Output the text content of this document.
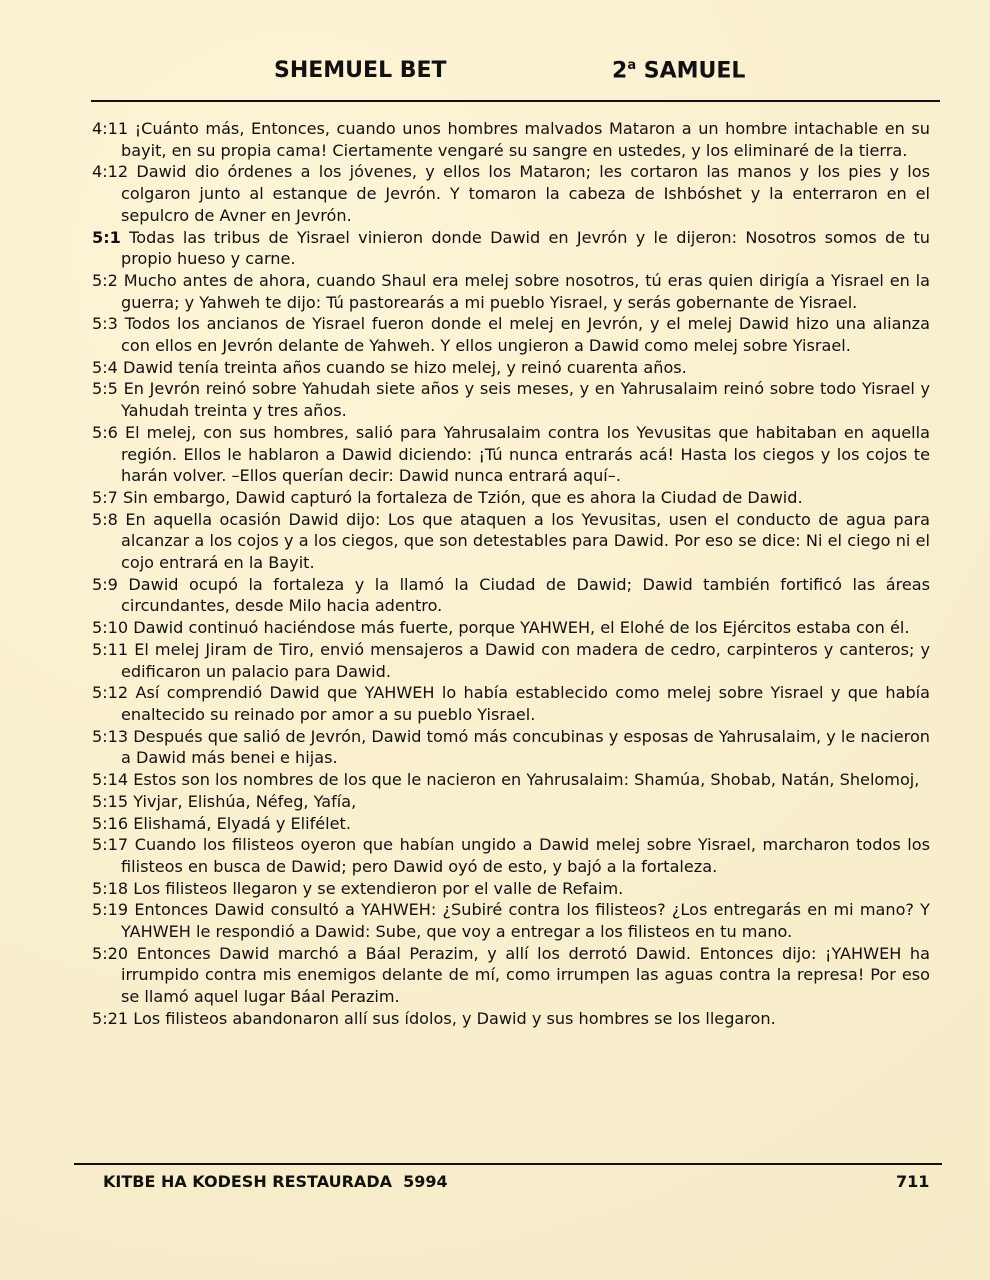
SHEMUEL BET	2$^a$ SAMUEL

4:11 ¡Cuánto más, Entonces, cuando unos hombres malvados Mataron a un hombre intachable en su bayit, en su propia cama! Ciertamente vengaré su sangre en ustedes, y los eliminaré de la tierra.

4:12 Dawid dio órdenes a los jóvenes, y ellos los Mataron; les cortaron las manos y los pies y los colgaron junto al estanque de Jevrón. Y tomaron la cabeza de Ishbóshet y la enterraron en el sepulcro de Avner en Jevrón.

5:1 Todas las tribus de Yisrael vinieron donde Dawid en Jevrón y le dijeron: Nosotros somos de tu propio hueso y carne.

5:2 Mucho antes de ahora, cuando Shaul era melej sobre nosotros, tú eras quien dirigía a Yisrael en la guerra; y Yahweh te dijo: Tú pastorearás a mi pueblo Yisrael, y serás gobernante de Yisrael.

5:3 Todos los ancianos de Yisrael fueron donde el melej en Jevrón, y el melej Dawid hizo una alianza con ellos en Jevrón delante de Yahweh. Y ellos ungieron a Dawid como melej sobre Yisrael.

5:4 Dawid tenía treinta años cuando se hizo melej, y reinó cuarenta años.

5:5 En Jevrón reinó sobre Yahudah siete años y seis meses, y en Yahrusalaim reinó sobre todo Yisrael y Yahudah treinta y tres años.

5:6 El melej, con sus hombres, salió para Yahrusalaim contra los Yevusitas que habitaban en aquella región. Ellos le hablaron a Dawid diciendo: ¡Tú nunca entrarás acá! Hasta los ciegos y los cojos te harán volver. –Ellos querían decir: Dawid nunca entrará aquí–.

5:7 Sin embargo, Dawid capturó la fortaleza de Tzión, que es ahora la Ciudad de Dawid.

5:8 En aquella ocasión Dawid dijo: Los que ataquen a los Yevusitas, usen el conducto de agua para alcanzar a los cojos y a los ciegos, que son detestables para Dawid. Por eso se dice: Ni el ciego ni el cojo entrará en la Bayit.

5:9 Dawid ocupó la fortaleza y la llamó la Ciudad de Dawid; Dawid también fortificó las áreas circundantes, desde Milo hacia adentro.

5:10 Dawid continuó haciéndose más fuerte, porque YAHWEH, el Elohé de los Ejércitos estaba con él.

5:11 El melej Jiram de Tiro, envió mensajeros a Dawid con madera de cedro, carpinteros y canteros; y edificaron un palacio para Dawid.

5:12 Así comprendió Dawid que YAHWEH lo había establecido como melej sobre Yisrael y que había enaltecido su reinado por amor a su pueblo Yisrael.

5:13 Después que salió de Jevrón, Dawid tomó más concubinas y esposas de Yahrusalaim, y le nacieron a Dawid más benei e hijas.

5:14 Estos son los nombres de los que le nacieron en Yahrusalaim: Shamúa, Shobab, Natán, Shelomoj,

5:15 Yivjar, Elishúa, Néfeg, Yafía,

5:16 Elishamá, Elyadá y Elifélet.

5:17 Cuando los filisteos oyeron que habían ungido a Dawid melej sobre Yisrael, marcharon todos los filisteos en busca de Dawid; pero Dawid oyó de esto, y bajó a la fortaleza.

5:18 Los filisteos llegaron y se extendieron por el valle de Refaim.

5:19 Entonces Dawid consultó a YAHWEH: ¿Subiré contra los filisteos? ¿Los entregarás en mi mano? Y YAHWEH le respondió a Dawid: Sube, que voy a entregar a los filisteos en tu mano.

5:20 Entonces Dawid marchó a Báal Perazim, y allí los derrotó Dawid. Entonces dijo: ¡YAHWEH ha irrumpido contra mis enemigos delante de mí, como irrumpen las aguas contra la represa! Por eso se llamó aquel lugar Báal Perazim.

5:21 Los filisteos abandonaron allí sus ídolos, y Dawid y sus hombres se los llegaron.

KITBE HA KODESH RESTAURADA  5994	711
